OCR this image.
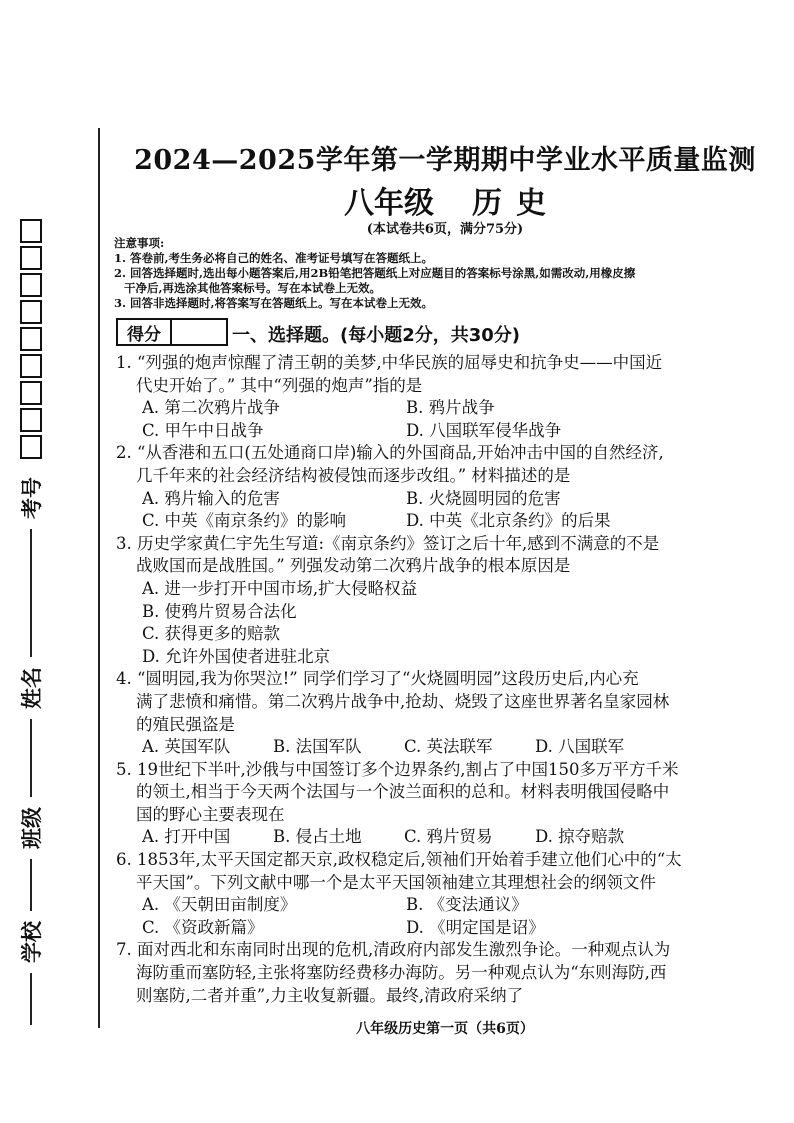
学校
班级
姓名
考号
2024—2025学年第一学期期中学业水平质量监测
八年级 历 史
(本试卷共6页，满分75分)
注意事项:
1. 答卷前,考生务必将自己的姓名、准考证号填写在答题纸上。
2. 回答选择题时,选出每小题答案后,用2B铅笔把答题纸上对应题目的答案标号涂黑,如需改动,用橡皮擦
干净后,再选涂其他答案标号。写在本试卷上无效。
3. 回答非选择题时,将答案写在答题纸上。写在本试卷上无效。
得分	一、选择题。(每小题2分，共30分)
1. “列强的炮声惊醒了清王朝的美梦,中华民族的屈辱史和抗争史——中国近
代史开始了。” 其中“列强的炮声”指的是
A. 第二次鸦片战争	B. 鸦片战争
C. 甲午中日战争	D. 八国联军侵华战争
2. “从香港和五口(五处通商口岸)输入的外国商品,开始冲击中国的自然经济,
几千年来的社会经济结构被侵蚀而逐步改组。” 材料描述的是
A. 鸦片输入的危害	B. 火烧圆明园的危害
C. 中英《南京条约》的影响	D. 中英《北京条约》的后果
3. 历史学家黄仁宇先生写道:《南京条约》签订之后十年,感到不满意的不是
战败国而是战胜国。” 列强发动第二次鸦片战争的根本原因是
A. 进一步打开中国市场,扩大侵略权益
B. 使鸦片贸易合法化
C. 获得更多的赔款
D. 允许外国使者进驻北京
4. “圆明园,我为你哭泣!” 同学们学习了“火烧圆明园”这段历史后,内心充
满了悲愤和痛惜。第二次鸦片战争中,抢劫、烧毁了这座世界著名皇家园林
的殖民强盗是
A. 英国军队	B. 法国军队	C. 英法联军	D. 八国联军
5. 19世纪下半叶,沙俄与中国签订多个边界条约,割占了中国150多万平方千米
的领土,相当于今天两个法国与一个波兰面积的总和。材料表明俄国侵略中
国的野心主要表现在
A. 打开中国	B. 侵占土地	C. 鸦片贸易	D. 掠夺赔款
6. 1853年,太平天国定都天京,政权稳定后,领袖们开始着手建立他们心中的“太
平天国”。下列文献中哪一个是太平天国领袖建立其理想社会的纲领文件
A. 《天朝田亩制度》	B. 《变法通议》
C. 《资政新篇》	D. 《明定国是诏》
7. 面对西北和东南同时出现的危机,清政府内部发生激烈争论。一种观点认为
海防重而塞防轻,主张将塞防经费移办海防。另一种观点认为“东则海防,西
则塞防,二者并重”,力主收复新疆。最终,清政府采纳了
八年级历史第一页（共6页）
